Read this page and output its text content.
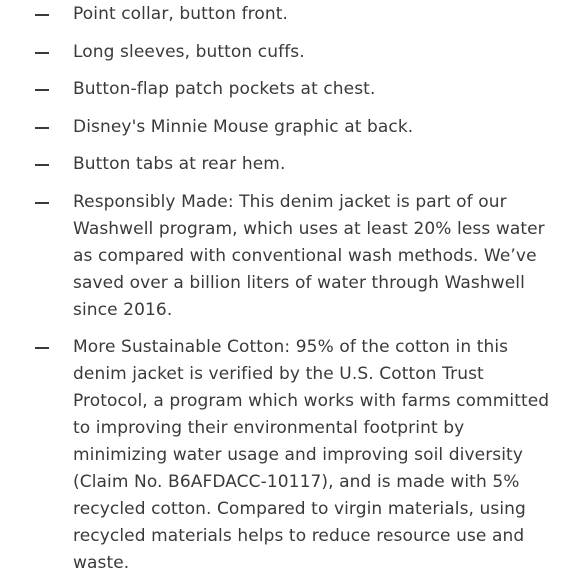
Point collar, button front.
Long sleeves, button cuffs.
Button-flap patch pockets at chest.
Disney's Minnie Mouse graphic at back.
Button tabs at rear hem.
Responsibly Made: This denim jacket is part of our Washwell program, which uses at least 20% less water as compared with conventional wash methods. We’ve saved over a billion liters of water through Washwell since 2016.
More Sustainable Cotton: 95% of the cotton in this denim jacket is verified by the U.S. Cotton Trust Protocol, a program which works with farms committed to improving their environmental footprint by minimizing water usage and improving soil diversity (Claim No. B6AFDACC-10117), and is made with 5% recycled cotton. Compared to virgin materials, using recycled materials helps to reduce resource use and waste.
